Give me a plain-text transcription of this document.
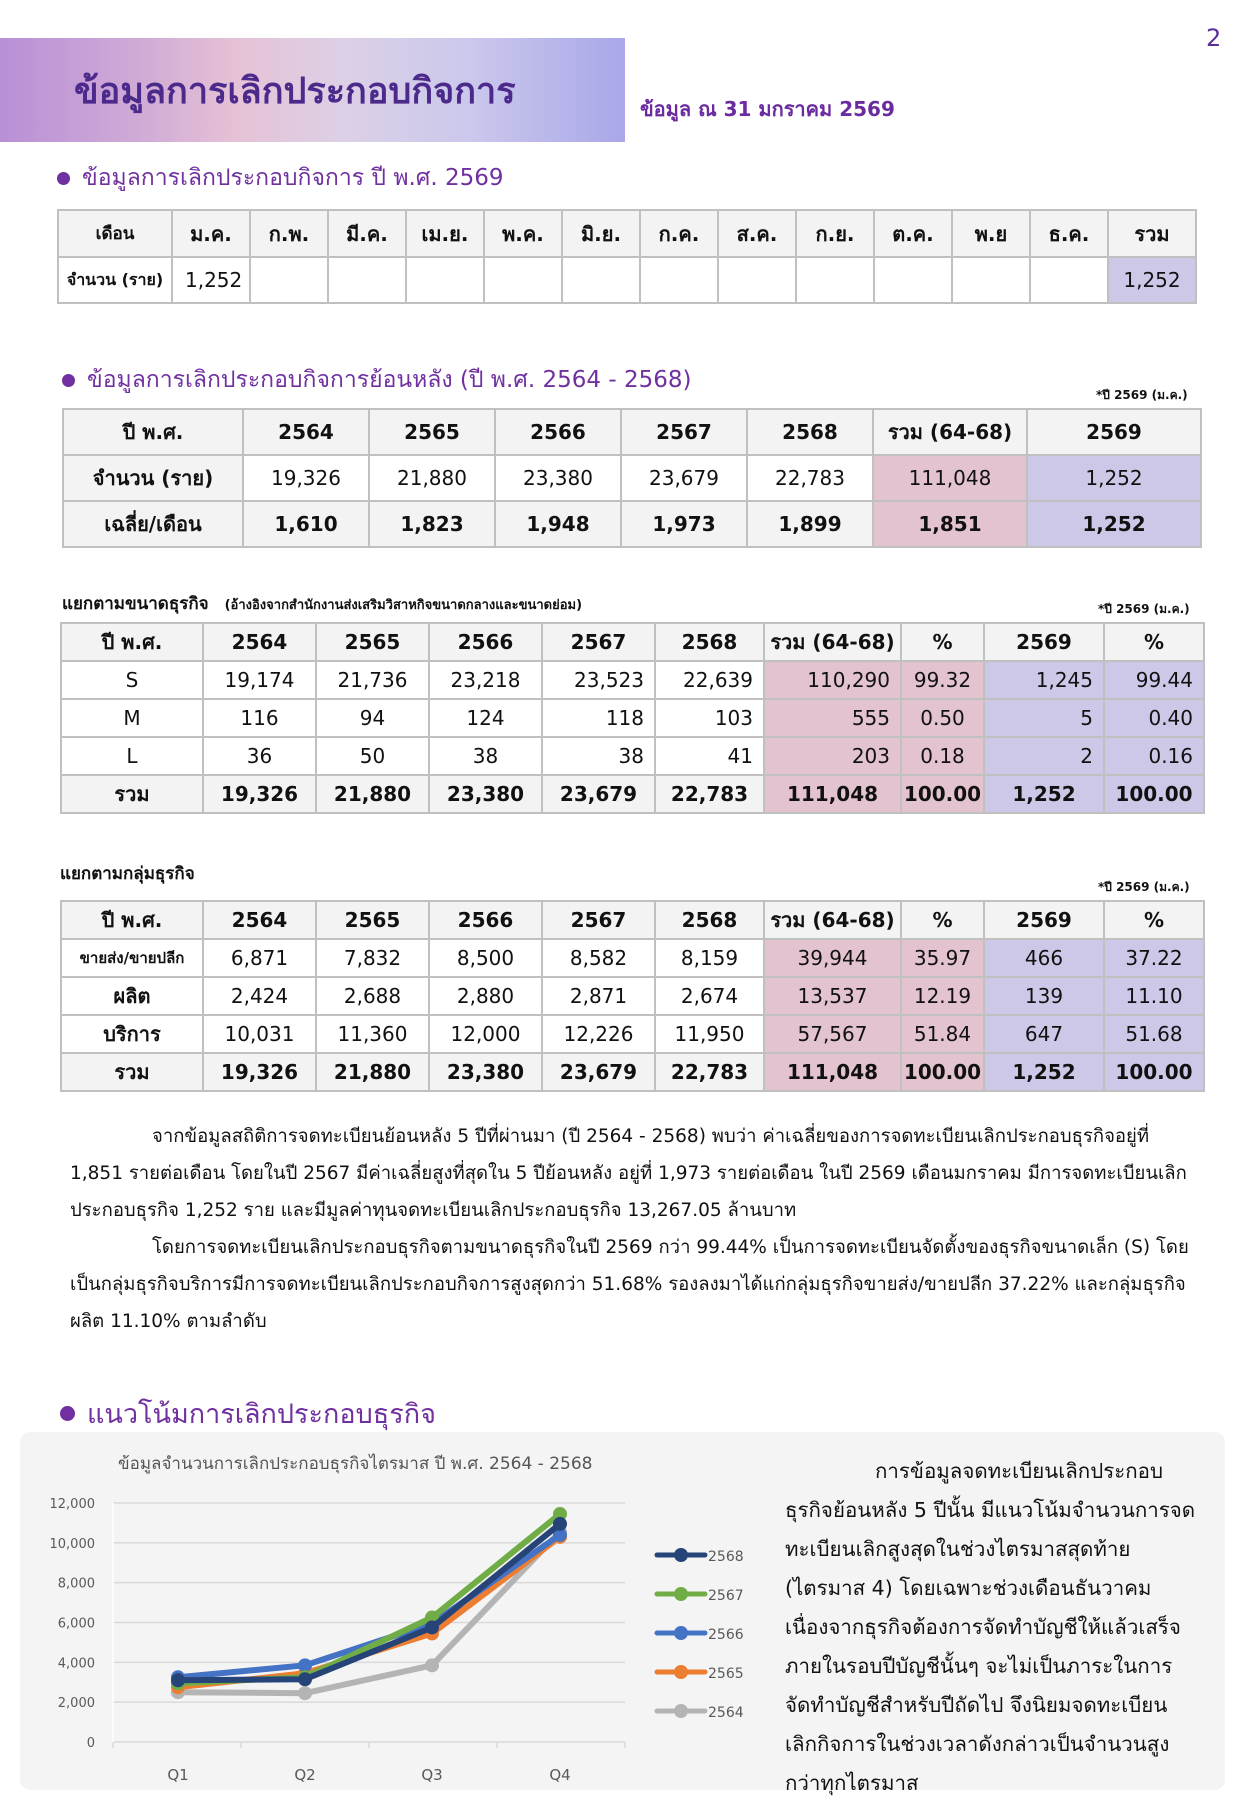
2
ข้อมูลการเลิกประกอบกิจการ	ข้อมูล ณ 31 มกราคม 2569
ข้อมูลการเลิกประกอบกิจการ ปี พ.ศ. 2569
เดือน	ม.ค.	ก.พ.	มี.ค.	เม.ย.	พ.ค.	มิ.ย.	ก.ค.	ส.ค.	ก.ย.	ต.ค.	พ.ย	ธ.ค.	รวม
จำนวน (ราย)	1,252												1,252
ข้อมูลการเลิกประกอบกิจการย้อนหลัง (ปี พ.ศ. 2564 - 2568)
*ปี 2569 (ม.ค.)
ปี พ.ศ.	2564	2565	2566	2567	2568	รวม (64-68)	2569
จำนวน (ราย)	19,326	21,880	23,380	23,679	22,783	111,048	1,252
เฉลี่ย/เดือน	1,610	1,823	1,948	1,973	1,899	1,851	1,252
แยกตามขนาดธุรกิจ (อ้างอิงจากสำนักงานส่งเสริมวิสาหกิจขนาดกลางและขนาดย่อม)	*ปี 2569 (ม.ค.)
ปี พ.ศ.	2564	2565	2566	2567	2568	รวม (64-68)	%	2569	%
S	19,174	21,736	23,218	23,523	22,639	110,290	99.32	1,245	99.44
M	116	94	124	118	103	555	0.50	5	0.40
L	36	50	38	38	41	203	0.18	2	0.16
รวม	19,326	21,880	23,380	23,679	22,783	111,048	100.00	1,252	100.00
แยกตามกลุ่มธุรกิจ
*ปี 2569 (ม.ค.)
ปี พ.ศ.	2564	2565	2566	2567	2568	รวม (64-68)	%	2569	%
ขายส่ง/ขายปลีก	6,871	7,832	8,500	8,582	8,159	39,944	35.97	466	37.22
ผลิต	2,424	2,688	2,880	2,871	2,674	13,537	12.19	139	11.10
บริการ	10,031	11,360	12,000	12,226	11,950	57,567	51.84	647	51.68
รวม	19,326	21,880	23,380	23,679	22,783	111,048	100.00	1,252	100.00

จากข้อมูลสถิติการจดทะเบียนย้อนหลัง 5 ปีที่ผ่านมา (ปี 2564 - 2568) พบว่า ค่าเฉลี่ยของการจดทะเบียนเลิกประกอบธุรกิจอยู่ที่ 1,851 รายต่อเดือน โดยในปี 2567 มีค่าเฉลี่ยสูงที่สุดใน 5 ปีย้อนหลัง อยู่ที่ 1,973 รายต่อเดือน ในปี 2569 เดือนมกราคม มีการจดทะเบียนเลิกประกอบธุรกิจ 1,252 ราย และมีมูลค่าทุนจดทะเบียนเลิกประกอบธุรกิจ 13,267.05 ล้านบาท

โดยการจดทะเบียนเลิกประกอบธุรกิจตามขนาดธุรกิจในปี 2569 กว่า 99.44% เป็นการจดทะเบียนจัดตั้งของธุรกิจขนาดเล็ก (S) โดยเป็นกลุ่มธุรกิจบริการมีการจดทะเบียนเลิกประกอบกิจการสูงสุดกว่า 51.68% รองลงมาได้แก่กลุ่มธุรกิจขายส่ง/ขายปลีก 37.22% และกลุ่มธุรกิจผลิต 11.10% ตามลำดับ

แนวโน้มการเลิกประกอบธุรกิจ
ข้อมูลจำนวนการเลิกประกอบธุรกิจไตรมาส ปี พ.ศ. 2564 - 2568
0
2,000
4,000
6,000
8,000
10,000
12,000
Q1	Q2	Q3	Q4
2568
2567
2566
2565
2564

การข้อมูลจดทะเบียนเลิกประกอบธุรกิจย้อนหลัง 5 ปีนั้น มีแนวโน้มจำนวนการจดทะเบียนเลิกสูงสุดในช่วงไตรมาสสุดท้าย (ไตรมาส 4) โดยเฉพาะช่วงเดือนธันวาคม เนื่องจากธุรกิจต้องการจัดทำบัญชีให้แล้วเสร็จภายในรอบปีบัญชีนั้นๆ จะไม่เป็นภาระในการจัดทำบัญชีสำหรับปีถัดไป จึงนิยมจดทะเบียนเลิกกิจการในช่วงเวลาดังกล่าวเป็นจำนวนสูงกว่าทุกไตรมาส
